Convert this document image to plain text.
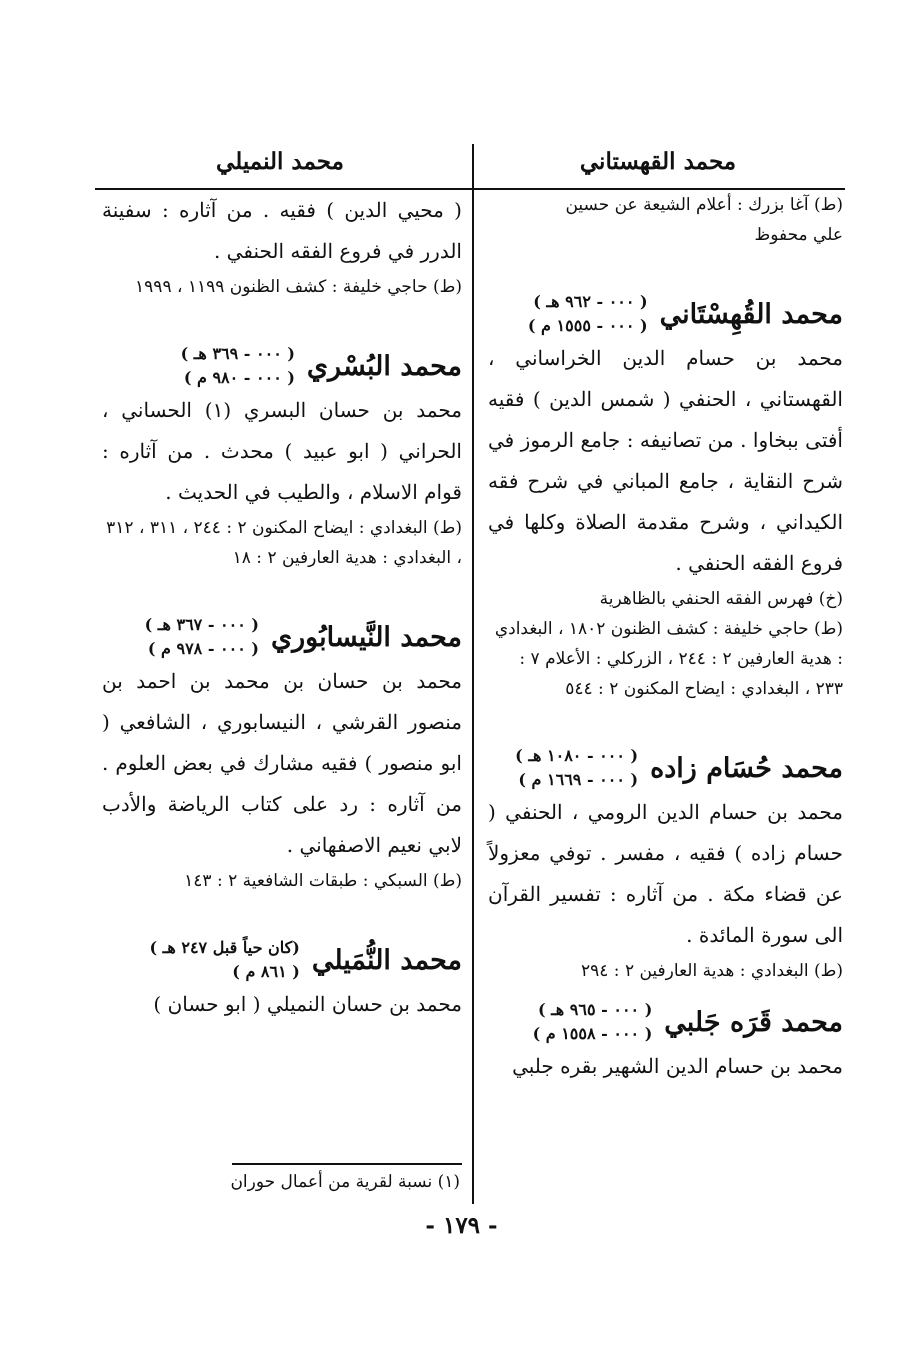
محمد القهستاني
محمد النميلي

(ط) آغا بزرك : أعلام الشيعة عن حسين

علي محفوظ

محمد القُهِسْتَاني
( ٠٠٠ - ٩٦٢ هـ )
( ٠٠٠ - ١٥٥٥ م )

محمد بن حسام الدين الخراساني ، القهستاني ، الحنفي ( شمس الدين ) فقيه أفتى ببخاوا . من تصانيفه : جامع الرموز في شرح النقاية ، جامع المباني في شرح فقه الكيداني ، وشرح مقدمة الصلاة وكلها في فروع الفقه الحنفي .

(خ) فهرس الفقه الحنفي بالظاهرية

(ط) حاجي خليفة : كشف الظنون ١٨٠٢ ، البغدادي : هدية العارفين ٢ : ٢٤٤ ، الزركلي : الأعلام ٧ : ٢٣٣ ، البغدادي : ايضاح المكنون ٢ : ٥٤٤

محمد حُسَام زاده
( ٠٠٠ - ١٠٨٠ هـ )
( ٠٠٠ - ١٦٦٩ م )

محمد بن حسام الدين الرومي ، الحنفي ( حسام زاده ) فقيه ، مفسر . توفي معزولاً عن قضاء مكة . من آثاره : تفسير القرآن الى سورة المائدة .

(ط) البغدادي : هدية العارفين ٢ : ٢٩٤

محمد قَرَه جَلبي
( ٠٠٠ - ٩٦٥ هـ )
( ٠٠٠ - ١٥٥٨ م )

محمد بن حسام الدين الشهير بقره جلبي

( محيي الدين ) فقيه . من آثاره : سفينة الدرر في فروع الفقه الحنفي .

(ط) حاجي خليفة : كشف الظنون ١١٩٩ ، ١٩٩٩

محمد البُسْري
( ٠٠٠ - ٣٦٩ هـ )
( ٠٠٠ - ٩٨٠ م )

محمد بن حسان البسري (١) الحساني ، الحراني ( ابو عبيد ) محدث . من آثاره : قوام الاسلام ، والطيب في الحديث .

(ط) البغدادي : ايضاح المكنون ٢ : ٢٤٤ ، ٣١١ ، ٣١٢ ، البغدادي : هدية العارفين ٢ : ١٨

محمد النَّيسابُوري
( ٠٠٠ - ٣٦٧ هـ )
( ٠٠٠ - ٩٧٨ م )

محمد بن حسان بن محمد بن احمد بن منصور القرشي ، النيسابوري ، الشافعي ( ابو منصور ) فقيه مشارك في بعض العلوم . من آثاره : رد على كتاب الرياضة والأدب لابي نعيم الاصفهاني .

(ط) السبكي : طبقات الشافعية ٢ : ١٤٣

محمد النُّمَيلي
(كان حياً قبل ٢٤٧ هـ )
( ٨٦١ م )

محمد بن حسان النميلي ( ابو حسان )

(١) نسبة لقرية من أعمال حوران
- ١٧٩ -
